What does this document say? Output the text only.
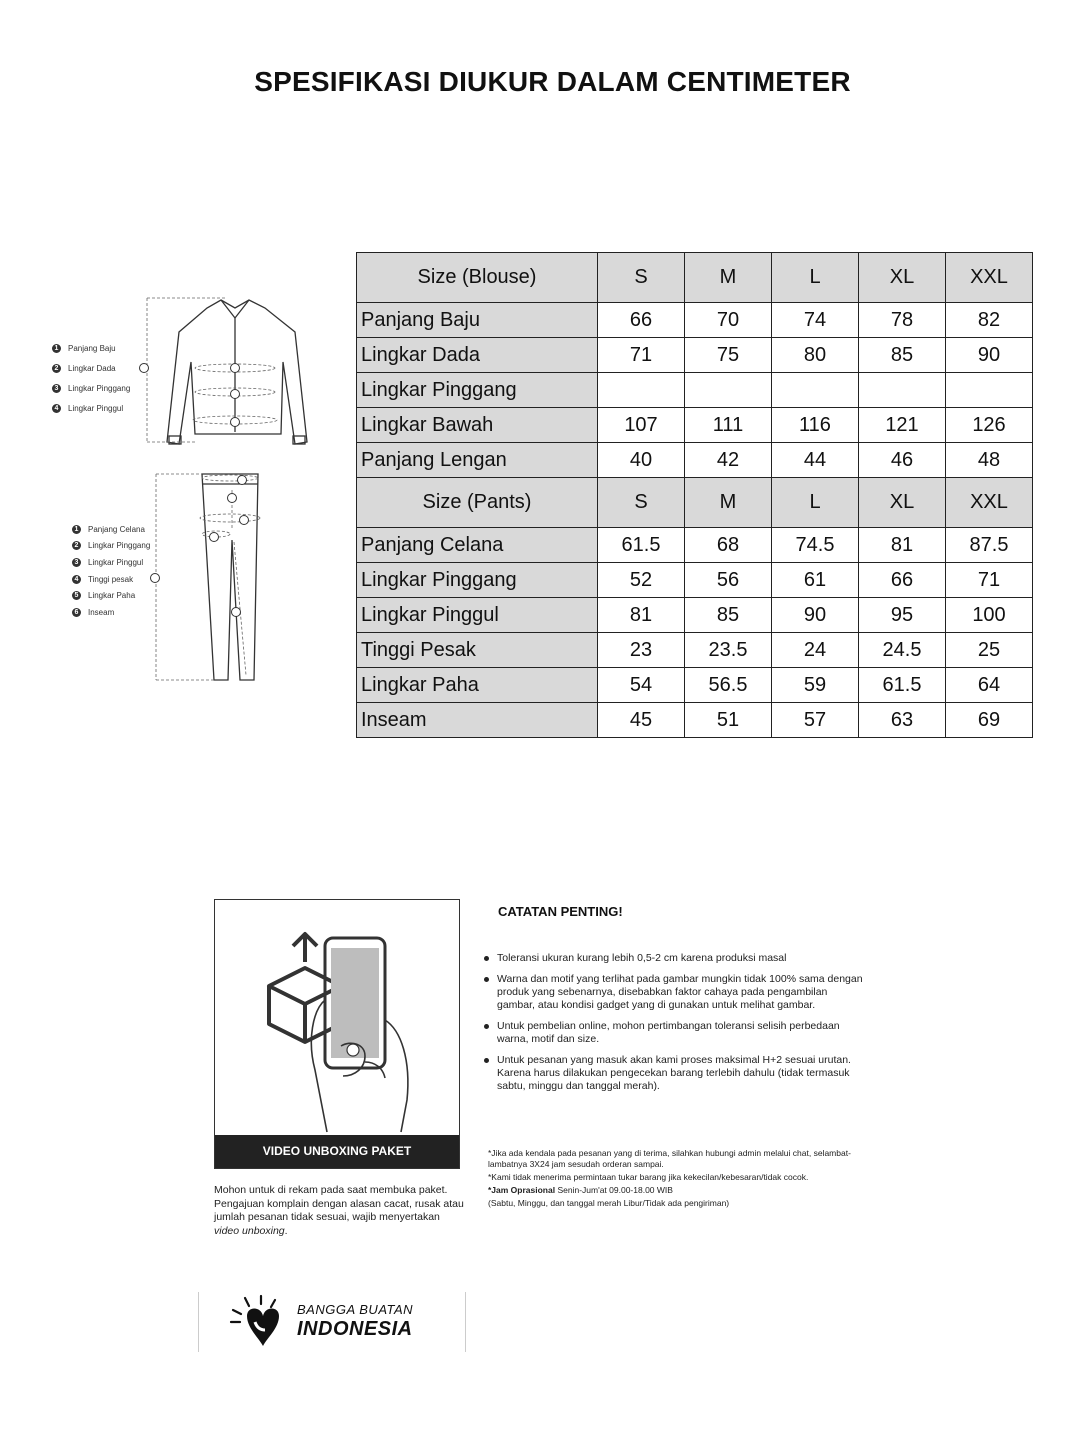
SPESIFIKASI DIUKUR DALAM CENTIMETER
1	Panjang Baju
2	Lingkar Dada
3	Lingkar Pinggang
4	Lingkar Pinggul
1	Panjang Celana
2	Lingkar Pinggang
3	Lingkar Pinggul
4	Tinggi pesak
5	Lingkar Paha
6	Inseam
Size (Blouse)	S	M	L	XL	XXL
Panjang Baju	66	70	74	78	82
Lingkar Dada	71	75	80	85	90
Lingkar Pinggang					
Lingkar Bawah	107	111	116	121	126
Panjang Lengan	40	42	44	46	48
Size (Pants)	S	M	L	XL	XXL
Panjang Celana	61.5	68	74.5	81	87.5
Lingkar Pinggang	52	56	61	66	71
Lingkar Pinggul	81	85	90	95	100
Tinggi Pesak	23	23.5	24	24.5	25
Lingkar Paha	54	56.5	59	61.5	64
Inseam	45	51	57	63	69
VIDEO UNBOXING PAKET
Mohon untuk di rekam pada saat membuka paket. Pengajuan komplain dengan alasan cacat, rusak atau jumlah pesanan tidak sesuai, wajib menyertakan video unboxing.
CATATAN PENTING!
Toleransi ukuran kurang lebih 0,5-2 cm karena produksi masal
Warna dan motif yang terlihat pada gambar mungkin tidak 100% sama dengan produk yang sebenarnya, disebabkan faktor cahaya pada pengambilan gambar, atau kondisi gadget yang di gunakan untuk melihat gambar.
Untuk pembelian online, mohon pertimbangan toleransi selisih perbedaan warna, motif dan size.
Untuk pesanan yang masuk akan kami proses maksimal H+2 sesuai urutan. Karena harus dilakukan pengecekan barang terlebih dahulu (tidak termasuk sabtu, minggu dan tanggal merah).

*Jika ada kendala pada pesanan yang di terima, silahkan hubungi admin melalui chat, selambat-lambatnya 3X24 jam sesudah orderan sampai.

*Kami tidak menerima permintaan tukar barang jika kekecilan/kebesaran/tidak cocok.

*Jam Oprasional Senin-Jum'at 09.00-18.00 WIB

(Sabtu, Minggu, dan tanggal merah Libur/Tidak ada pengiriman)

BANGGA BUATAN
INDONESIA
